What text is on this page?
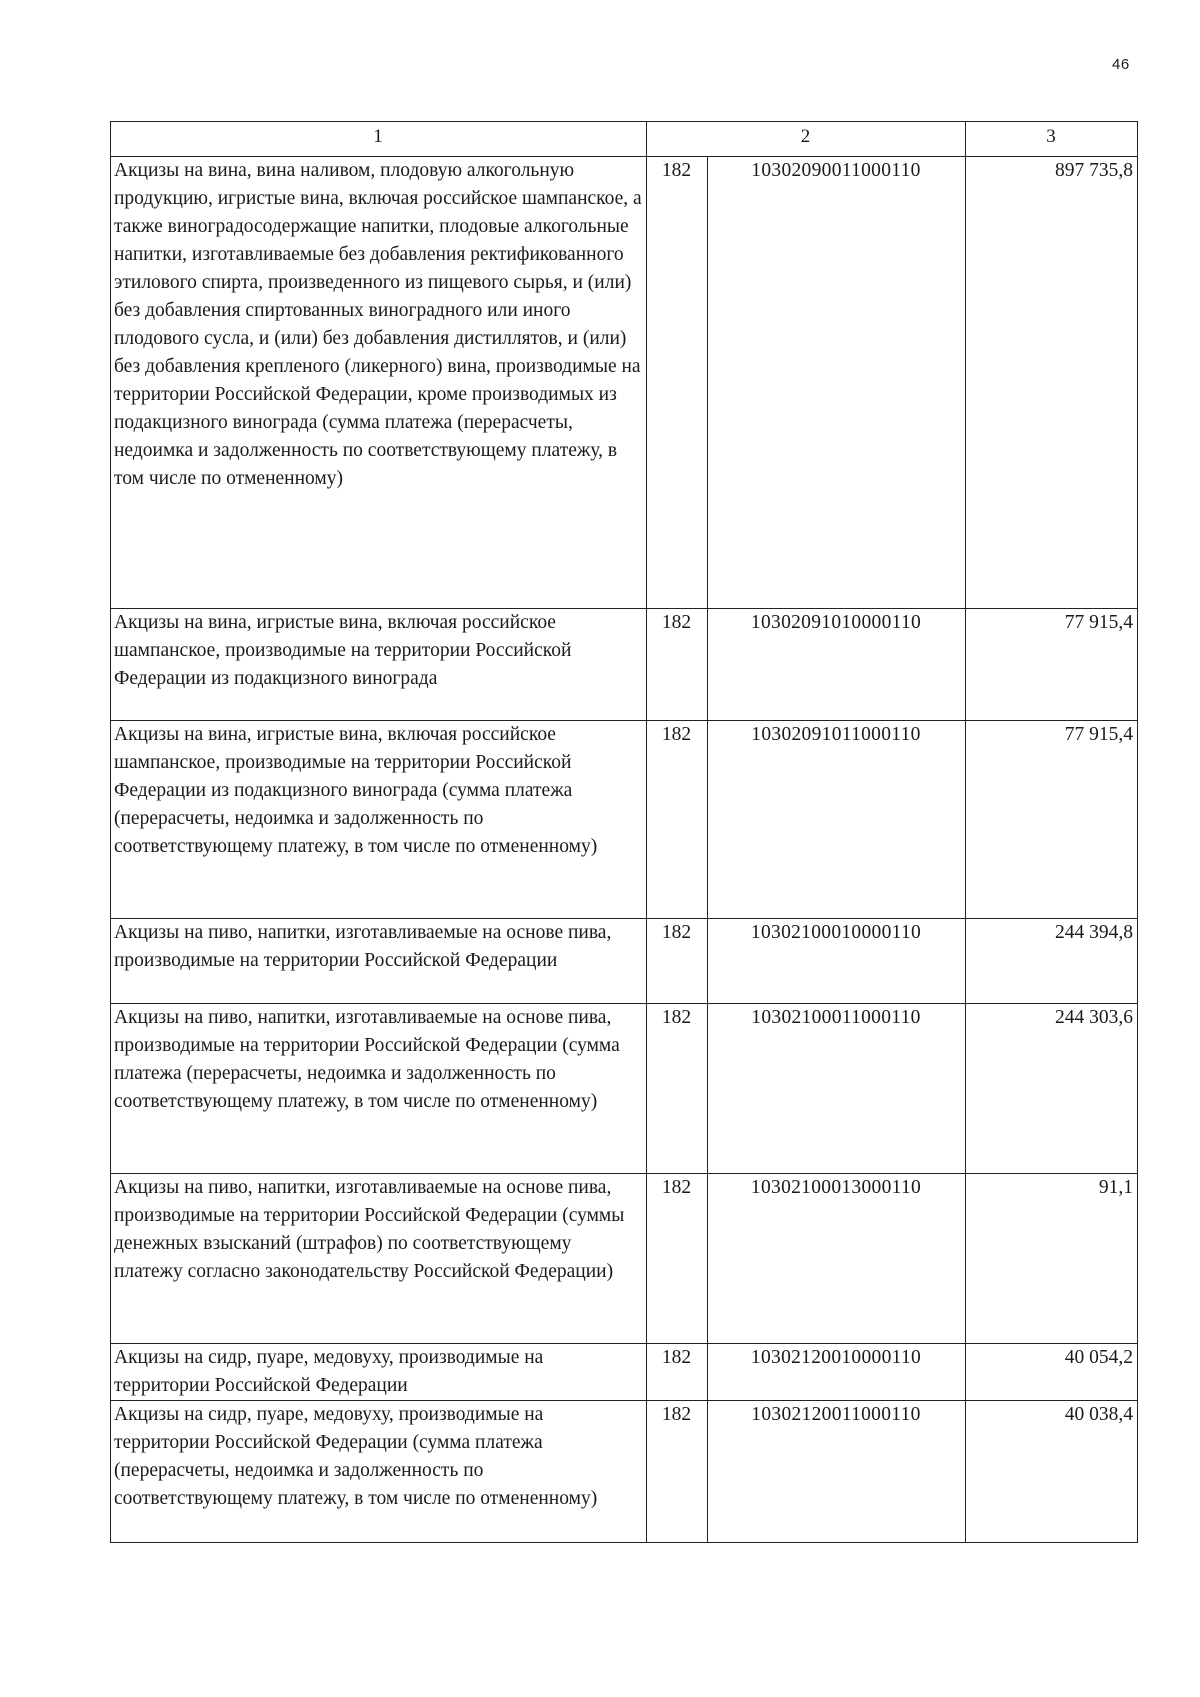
46
1	2		3
Акцизы на вина, вина наливом, плодовую алкогольную продукцию, игристые вина, включая российское шампанское, а также виноградосодержащие напитки, плодовые алкогольные напитки, изготавливаемые без добавления ректификованного этилового спирта, произведенного из пищевого сырья, и (или) без добавления спиртованных виноградного или иного плодового сусла, и (или) без добавления дистиллятов, и (или) без добавления крепленого (ликерного) вина, производимые на территории Российской Федерации, кроме производимых из подакцизного винограда (сумма платежа (перерасчеты, недоимка и задолженность по соответствующему платежу, в том числе по отмененному)	182	10302090011000110	897 735,8
Акцизы на вина, игристые вина, включая российское шампанское, производимые на территории Российской Федерации из подакцизного винограда	182	10302091010000110	77 915,4
Акцизы на вина, игристые вина, включая российское шампанское, производимые на территории Российской Федерации из подакцизного винограда (сумма платежа (перерасчеты, недоимка и задолженность по соответствующему платежу, в том числе по отмененному)	182	10302091011000110	77 915,4
Акцизы на пиво, напитки, изготавливаемые на основе пива, производимые на территории Российской Федерации	182	10302100010000110	244 394,8
Акцизы на пиво, напитки, изготавливаемые на основе пива, производимые на территории Российской Федерации (сумма платежа (перерасчеты, недоимка и задолженность по соответствующему платежу, в том числе по отмененному)	182	10302100011000110	244 303,6
Акцизы на пиво, напитки, изготавливаемые на основе пива, производимые на территории Российской Федерации (суммы денежных взысканий (штрафов) по соответствующему платежу согласно законодательству Российской Федерации)	182	10302100013000110	91,1
Акцизы на сидр, пуаре, медовуху, производимые на территории Российской Федерации	182	10302120010000110	40 054,2
Акцизы на сидр, пуаре, медовуху, производимые на территории Российской Федерации (сумма платежа (перерасчеты, недоимка и задолженность по соответствующему платежу, в том числе по отмененному)	182	10302120011000110	40 038,4
